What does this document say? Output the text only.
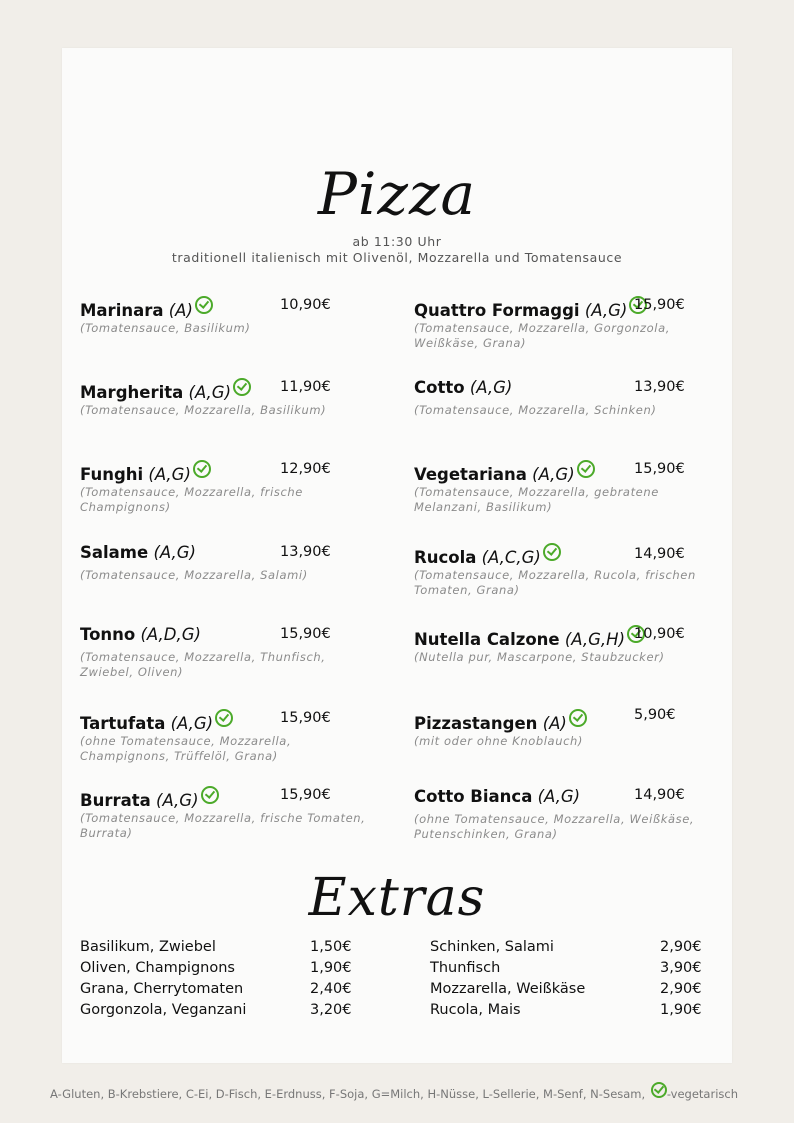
Pizza
ab 11:30 Uhr
traditionell italienisch mit Olivenöl, Mozzarella und Tomatensauce
Marinara (A)	10,90€
(Tomatensauce, Basilikum)
Margherita (A,G)	11,90€
(Tomatensauce, Mozzarella, Basilikum)
Funghi (A,G)	12,90€
(Tomatensauce, Mozzarella, frische Champignons)
Salame (A,G)	13,90€
(Tomatensauce, Mozzarella, Salami)
Tonno (A,D,G)	15,90€
(Tomatensauce, Mozzarella, Thunfisch, Zwiebel, Oliven)
Tartufata (A,G)	15,90€
(ohne Tomatensauce, Mozzarella, Champignons, Trüffelöl, Grana)
Burrata (A,G)	15,90€
(Tomatensauce, Mozzarella, frische Tomaten, Burrata)
Quattro Formaggi (A,G) 15,90€
(Tomatensauce, Mozzarella, Gorgonzola, Weißkäse, Grana)
Cotto (A,G)	13,90€
(Tomatensauce, Mozzarella, Schinken)
Vegetariana (A,G)	15,90€
(Tomatensauce, Mozzarella, gebratene Melanzani, Basilikum)
Rucola (A,C,G)	14,90€
(Tomatensauce, Mozzarella, Rucola, frischen Tomaten, Grana)
Nutella Calzone (A,G,H) 10,90€
(Nutella pur, Mascarpone, Staubzucker)
Pizzastangen (A)	5,90€
(mit oder ohne Knoblauch)
Cotto Bianca (A,G)	14,90€
(ohne Tomatensauce, Mozzarella, Weißkäse, Putenschinken, Grana)
Extras
Basilikum, Zwiebel	1,50€
Oliven, Champignons	1,90€
Grana, Cherrytomaten	2,40€
Gorgonzola, Veganzani	3,20€
Schinken, Salami	2,90€
Thunfisch	3,90€
Mozzarella, Weißkäse	2,90€
Rucola, Mais	1,90€
A-Gluten, B-Krebstiere, C-Ei, D-Fisch, E-Erdnuss, F-Soja, G=Milch, H-Nüsse, L-Sellerie, M-Senf, N-Sesam, -vegetarisch
